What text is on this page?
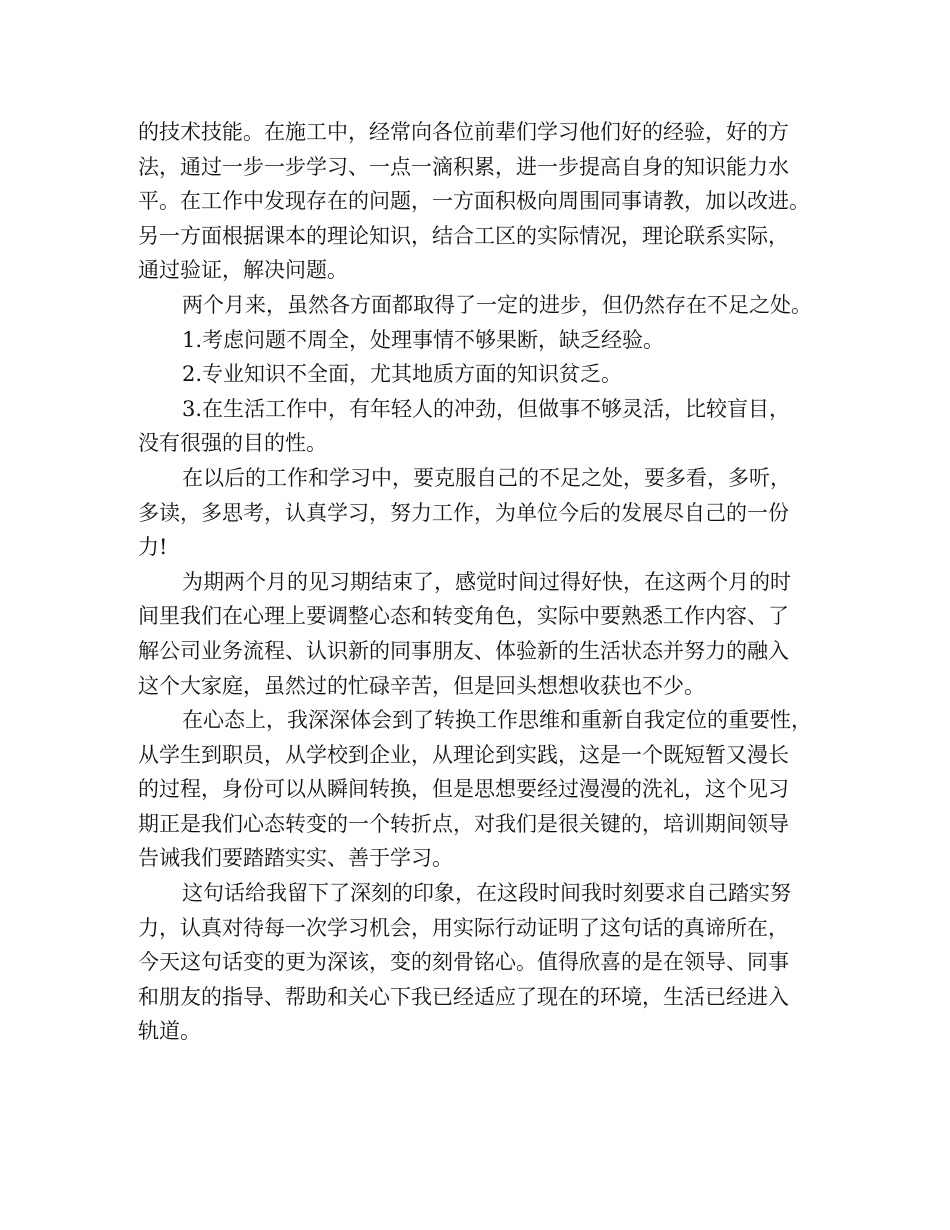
的技术技能。在施工中，经常向各位前辈们学习他们好的经验，好的方
法，通过一步一步学习、一点一滴积累，进一步提高自身的知识能力水
平。在工作中发现存在的问题，一方面积极向周围同事请教，加以改进。
另一方面根据课本的理论知识，结合工区的实际情况，理论联系实际，
通过验证，解决问题。
两个月来，虽然各方面都取得了一定的进步，但仍然存在不足之处。
1.考虑问题不周全，处理事情不够果断，缺乏经验。
2.专业知识不全面，尤其地质方面的知识贫乏。
3.在生活工作中，有年轻人的冲劲，但做事不够灵活，比较盲目，
没有很强的目的性。
在以后的工作和学习中，要克服自己的不足之处，要多看，多听，
多读，多思考，认真学习，努力工作，为单位今后的发展尽自己的一份
力!
为期两个月的见习期结束了，感觉时间过得好快，在这两个月的时
间里我们在心理上要调整心态和转变角色，实际中要熟悉工作内容、了
解公司业务流程、认识新的同事朋友、体验新的生活状态并努力的融入
这个大家庭，虽然过的忙碌辛苦，但是回头想想收获也不少。
在心态上，我深深体会到了转换工作思维和重新自我定位的重要性，
从学生到职员，从学校到企业，从理论到实践，这是一个既短暂又漫长
的过程，身份可以从瞬间转换，但是思想要经过漫漫的洗礼，这个见习
期正是我们心态转变的一个转折点，对我们是很关键的，培训期间领导
告诫我们要踏踏实实、善于学习。
这句话给我留下了深刻的印象，在这段时间我时刻要求自己踏实努
力，认真对待每一次学习机会，用实际行动证明了这句话的真谛所在，
今天这句话变的更为深该，变的刻骨铭心。值得欣喜的是在领导、同事
和朋友的指导、帮助和关心下我已经适应了现在的环境，生活已经进入
轨道。
